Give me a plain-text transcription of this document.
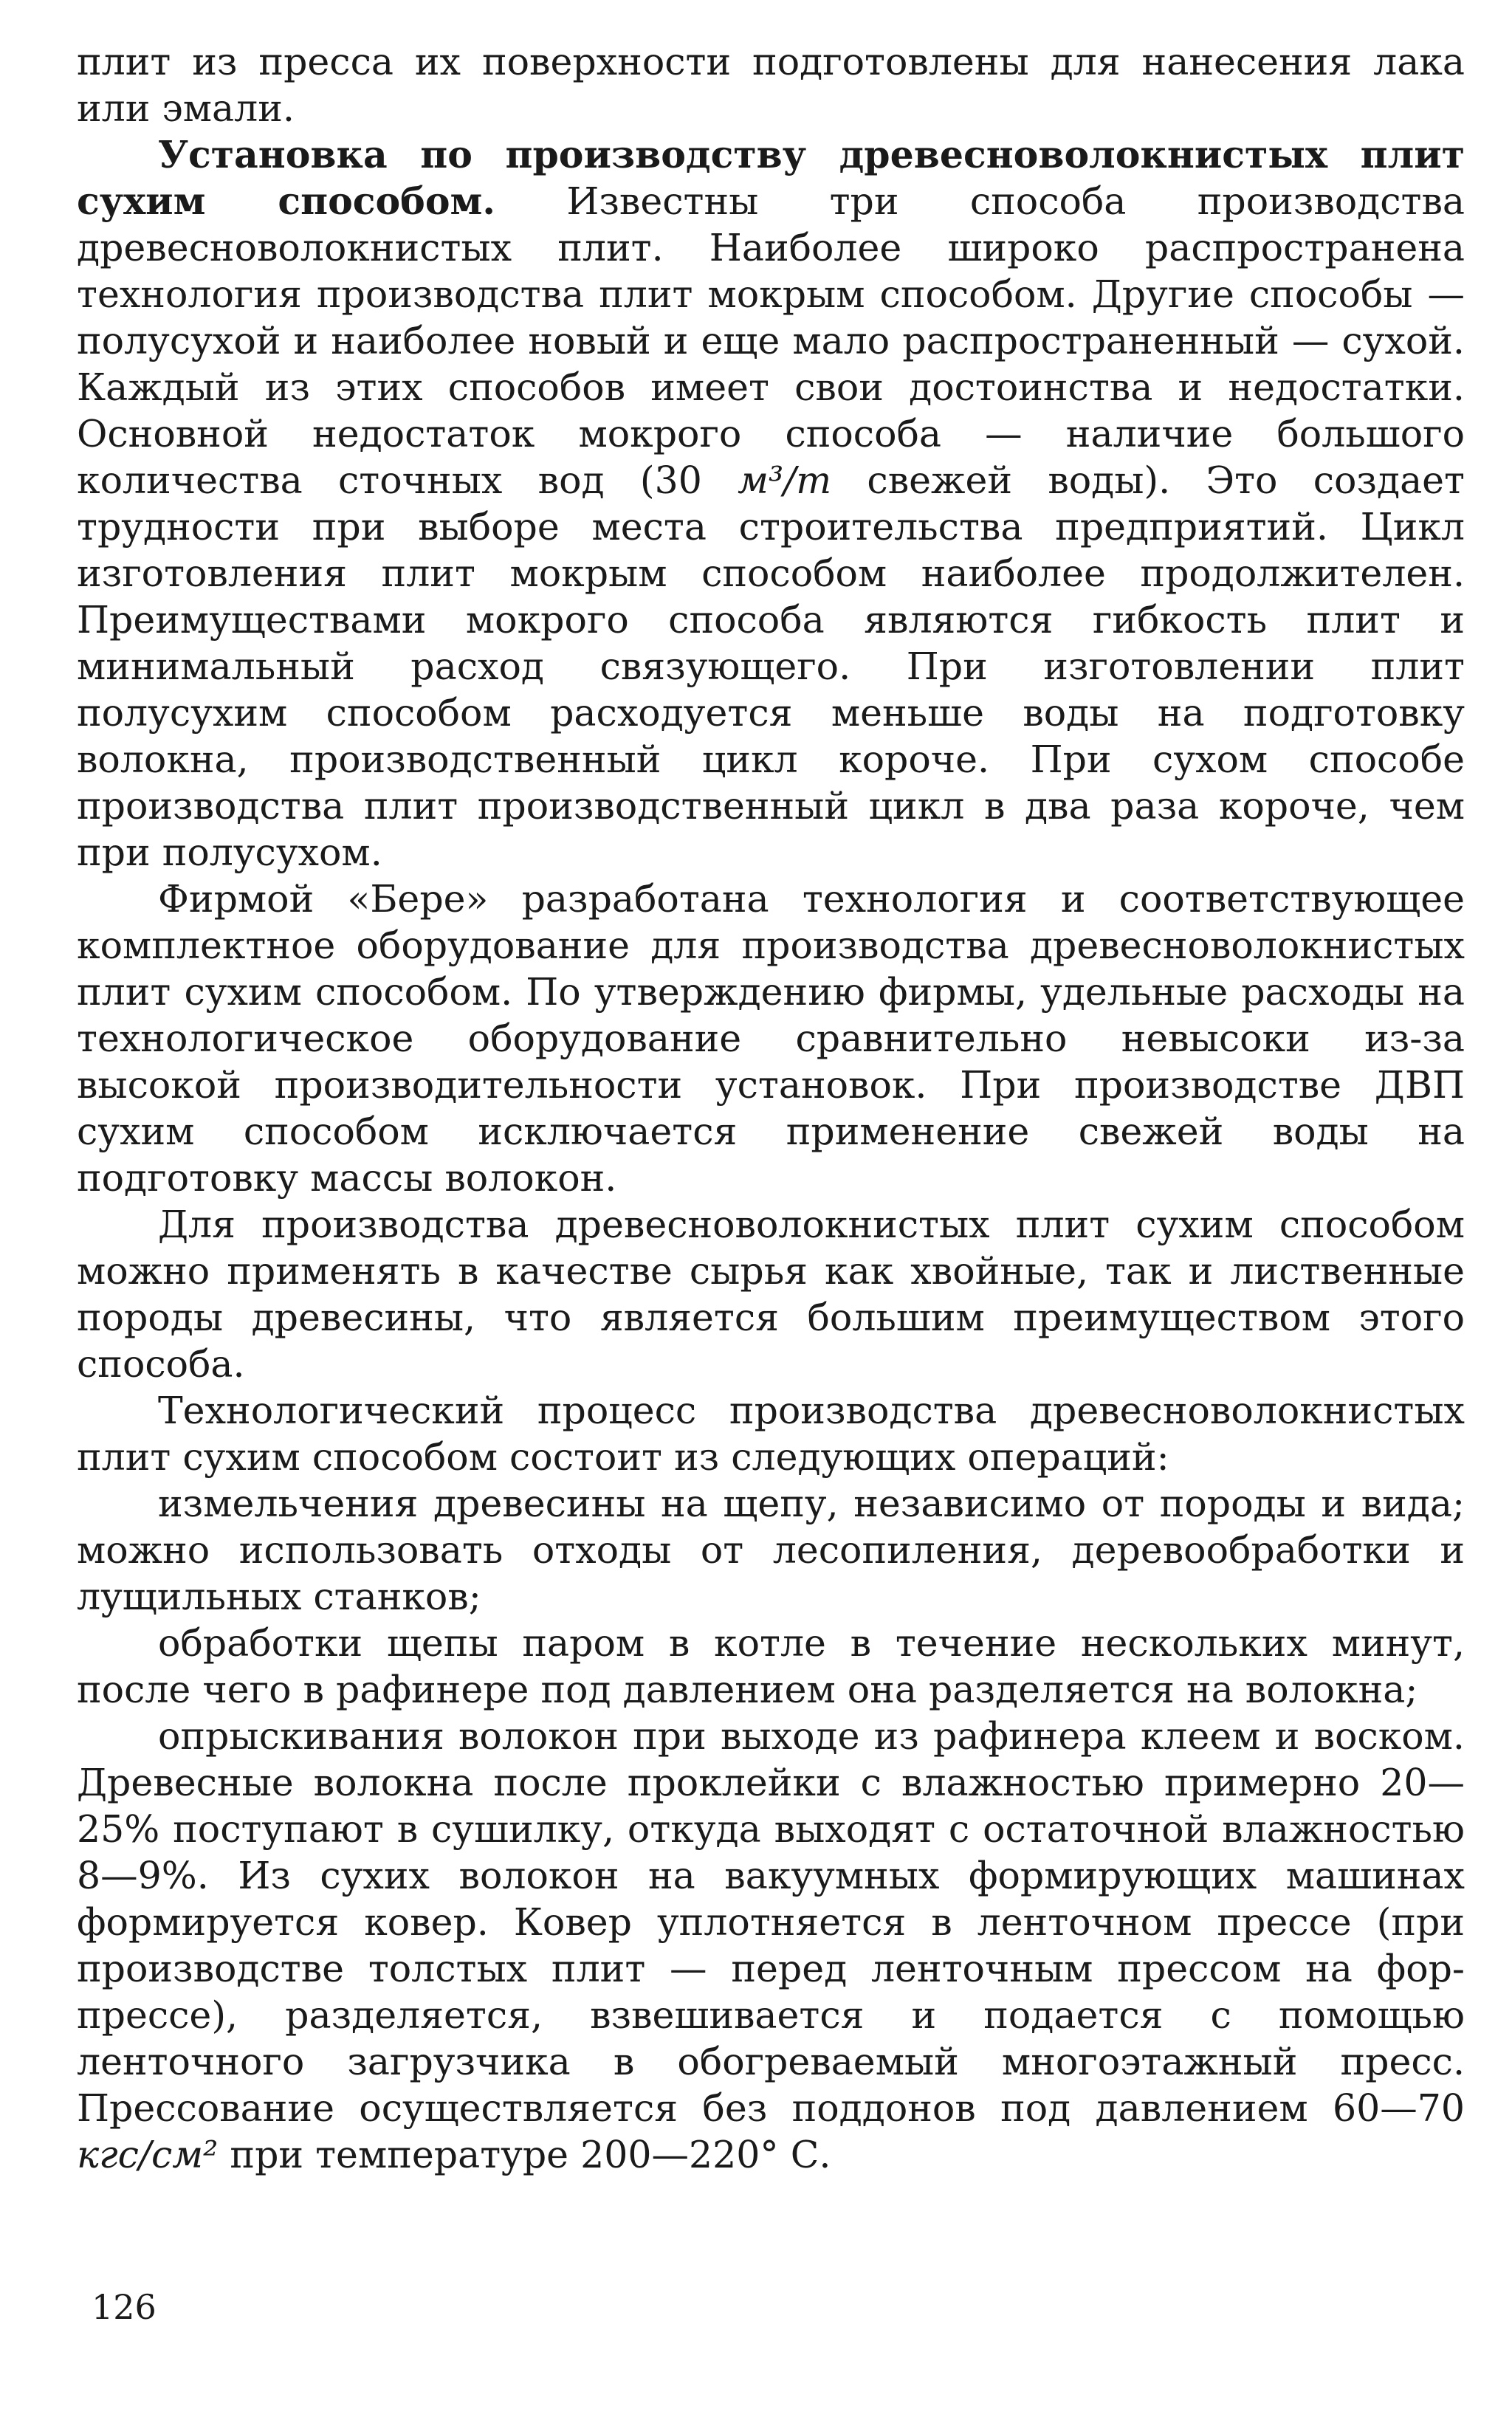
плит из пресса их поверхности подготовлены для нанесения лака или эмали.

Установка по производству древесноволокнистых плит сухим способом. Известны три способа производства древесноволокнистых плит. Наиболее широко распространена технология производства плит мокрым способом. Другие способы — полусухой и наиболее новый и еще мало распространенный — сухой. Каждый из этих способов имеет свои достоинства и недостатки. Основной недостаток мокрого способа — наличие большого количества сточных вод (30 м³/т свежей воды). Это создает трудности при выборе места строительства предприятий. Цикл изготовления плит мокрым способом наиболее продолжителен. Преимуществами мокрого способа являются гибкость плит и минимальный расход связующего. При изготовлении плит полусухим способом расходуется меньше воды на подготовку волокна, производственный цикл короче. При сухом способе производства плит производственный цикл в два раза короче, чем при полусухом.

Фирмой «Бере» разработана технология и соответствующее комплектное оборудование для производства древесноволокнистых плит сухим способом. По утверждению фирмы, удельные расходы на технологическое оборудование сравнительно невысоки из-за высокой производительности установок. При производстве ДВП сухим способом исключается применение свежей воды на подготовку массы волокон.

Для производства древесноволокнистых плит сухим способом можно применять в качестве сырья как хвойные, так и лиственные породы древесины, что является большим преимуществом этого способа.

Технологический процесс производства древесноволокнистых плит сухим способом состоит из следующих операций:

измельчения древесины на щепу, независимо от породы и вида; можно использовать отходы от лесопиления, деревообработки и лущильных станков;

обработки щепы паром в котле в течение нескольких минут, после чего в рафинере под давлением она разделяется на волокна;

опрыскивания волокон при выходе из рафинера клеем и воском. Древесные волокна после проклейки с влажностью примерно 20—25% поступают в сушилку, откуда выходят с остаточной влажностью 8—9%. Из сухих волокон на вакуумных формирующих машинах формируется ковер. Ковер уплотняется в ленточном прессе (при производстве толстых плит — перед ленточным прессом на фор-прессе), разделяется, взвешивается и подается с помощью ленточного загрузчика в обогреваемый многоэтажный пресс. Прессование осуществляется без поддонов под давлением 60—70 кгс/см² при температуре 200—220° С.

126
